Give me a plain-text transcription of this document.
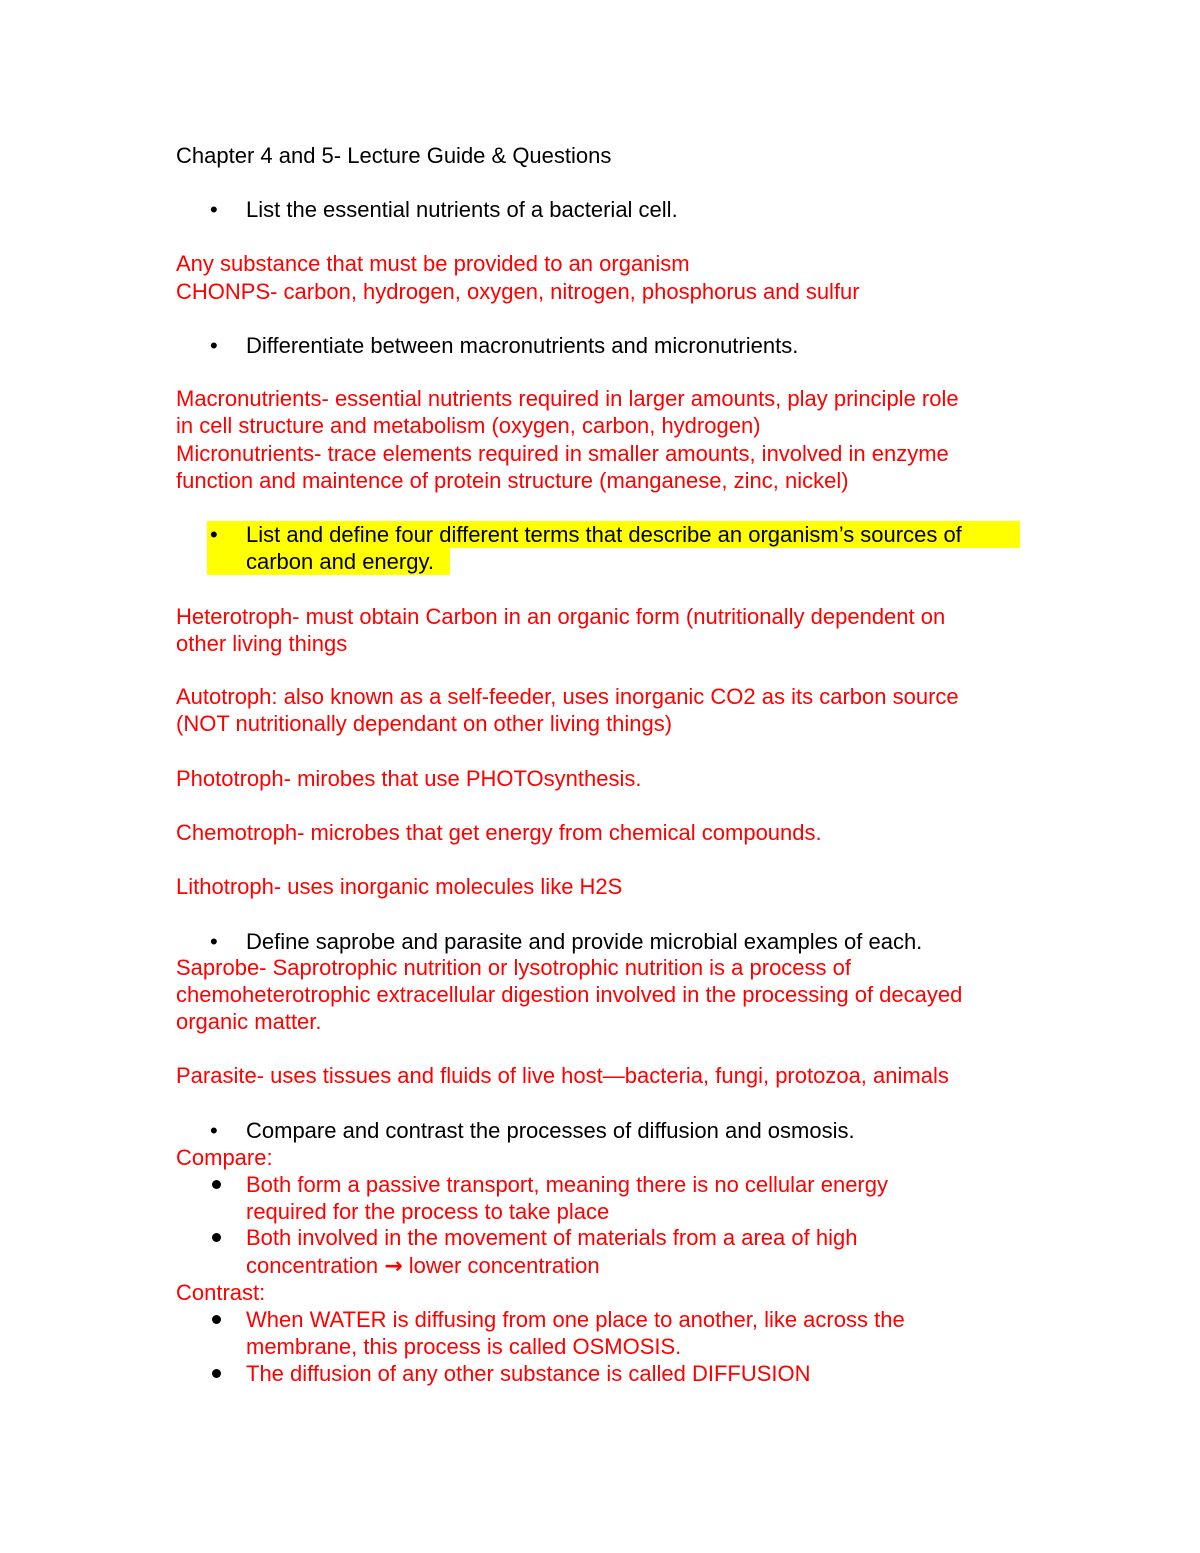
Chapter 4 and 5- Lecture Guide & Questions
• List the essential nutrients of a bacterial cell.
Any substance that must be provided to an organism
CHONPS- carbon, hydrogen, oxygen, nitrogen, phosphorus and sulfur
• Differentiate between macronutrients and micronutrients.
Macronutrients- essential nutrients required in larger amounts, play principle role
in cell structure and metabolism (oxygen, carbon, hydrogen)
Micronutrients- trace elements required in smaller amounts, involved in enzyme
function and maintence of protein structure (manganese, zinc, nickel)
• List and define four different terms that describe an organism’s sources of
carbon and energy.
Heterotroph- must obtain Carbon in an organic form (nutritionally dependent on
other living things
Autotroph: also known as a self-feeder, uses inorganic CO2 as its carbon source
(NOT nutritionally dependant on other living things)
Phototroph- mirobes that use PHOTOsynthesis.
Chemotroph- microbes that get energy from chemical compounds.
Lithotroph- uses inorganic molecules like H2S
• Define saprobe and parasite and provide microbial examples of each.
Saprobe- Saprotrophic nutrition or lysotrophic nutrition is a process of
chemoheterotrophic extracellular digestion involved in the processing of decayed
organic matter.
Parasite- uses tissues and fluids of live host—bacteria, fungi, protozoa, animals
• Compare and contrast the processes of diffusion and osmosis.
Compare:
Both form a passive transport, meaning there is no cellular energy
required for the process to take place
Both involved in the movement of materials from a area of high
concentration → lower concentration
Contrast:
When WATER is diffusing from one place to another, like across the
membrane, this process is called OSMOSIS.
The diffusion of any other substance is called DIFFUSION
